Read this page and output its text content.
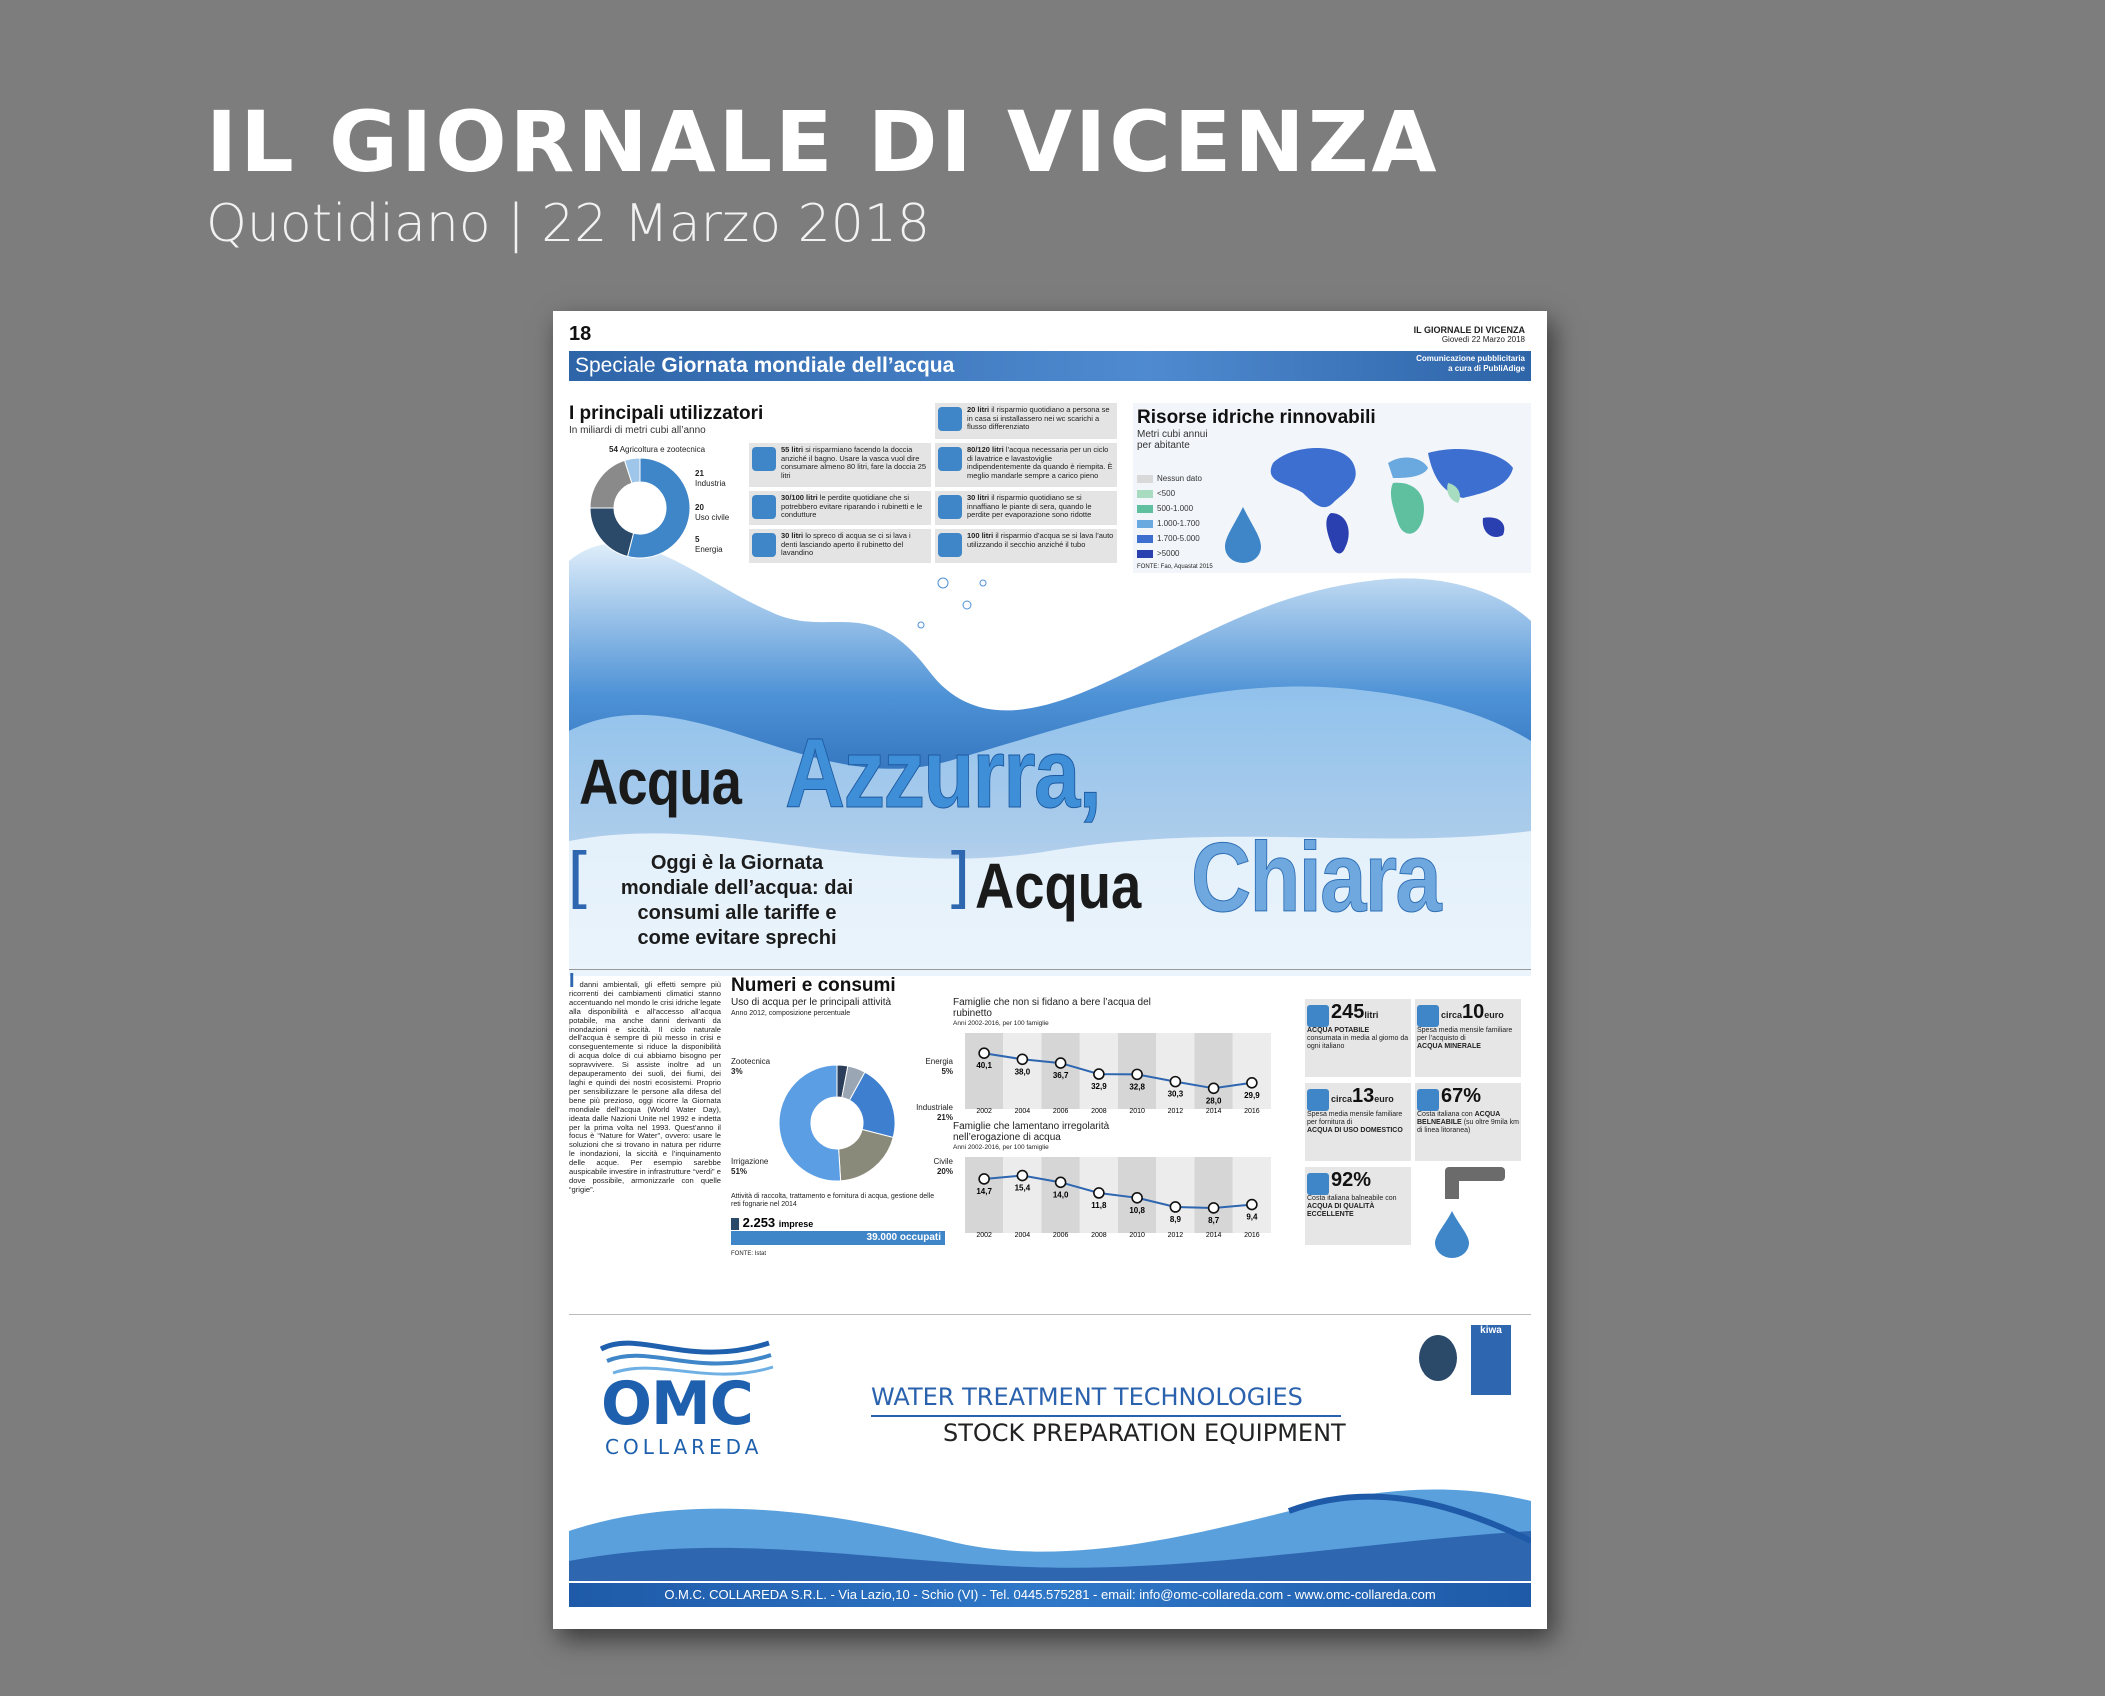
IL GIORNALE DI VICENZA
Quotidiano | 22 Marzo 2018
18	IL GIORNALE DI VICENZA
Giovedì 22 Marzo 2018
Speciale Giornata mondiale dell’acqua	Comunicazione pubblicitaria
a cura di PubliAdige
I principali utilizzatori
In miliardi di metri cubi all’anno
54 Agricoltura e zootecnica
21
Industria
20
Uso civile
5
Energia
55 litri si risparmiano facendo la doccia anziché il bagno. Usare la vasca vuol dire consumare almeno 80 litri, fare la doccia 25 litri
30/100 litri le perdite quotidiane che si potrebbero evitare riparando i rubinetti e le condutture
30 litri lo spreco di acqua se ci si lava i denti lasciando aperto il rubinetto del lavandino
20 litri il risparmio quotidiano a persona se in casa si installassero nei wc scarichi a flusso differenziato
80/120 litri l’acqua necessaria per un ciclo di lavatrice e lavastoviglie indipendentemente da quando è riempita. È meglio mandarle sempre a carico pieno
30 litri il risparmio quotidiano se si innaffiano le piante di sera, quando le perdite per evaporazione sono ridotte
100 litri il risparmio d’acqua se si lava l’auto utilizzando il secchio anziché il tubo
Risorse idriche rinnovabili
Metri cubi annui
per abitante
Nessun dato
<500
500-1.000
1.000-1.700
1.700-5.000
>5000
FONTE: Fao, Aquastat 2015
Acqua Azzurra,
[	Oggi è la Giornata mondiale dell’acqua: dai consumi alle tariffe e come evitare sprechi
] Acqua Chiara
I danni ambientali, gli effetti sempre più ricorrenti dei cambiamenti climatici stanno accentuando nel mondo le crisi idriche legate alla disponibilità e all’accesso all’acqua potabile, ma anche danni derivanti da inondazioni e siccità. Il ciclo naturale dell’acqua è sempre di più messo in crisi e conseguentemente si riduce la disponibilità di acqua dolce di cui abbiamo bisogno per sopravvivere. Si assiste inoltre ad un depauperamento dei suoli, dei fiumi, dei laghi e quindi dei nostri ecosistemi. Proprio per sensibilizzare le persone alla difesa del bene più prezioso, oggi ricorre la Giornata mondiale dell’acqua (World Water Day), ideata dalle Nazioni Unite nel 1992 e indetta per la prima volta nel 1993. Quest’anno il focus è “Nature for Water”, ovvero: usare le soluzioni che si trovano in natura per ridurre le inondazioni, la siccità e l’inquinamento delle acque. Per esempio sarebbe auspicabile investire in infrastrutture “verdi” e dove possibile, armonizzarle con quelle “grigie”.
Numeri e consumi
Uso di acqua per le principali attività
Anno 2012, composizione percentuale
Zootecnica
3%
Energia
5%
Industriale
21%
Civile
20%
Irrigazione
51%
Attività di raccolta, trattamento e fornitura di acqua, gestione delle reti fognarie nel 2014
2.253 imprese
39.000 occupati
FONTE: Istat
Famiglie che non si fidano a bere l’acqua del rubinetto
Anni 2002-2016, per 100 famiglie
40,1
2002
38,0
2004
36,7
2006
32,9
2008
32,8
2010
30,3
2012
28,0
2014
29,9
2016
Famiglie che lamentano irregolarità nell’erogazione di acqua
Anni 2002-2016, per 100 famiglie
14,7
2002
15,4
2004
14,0
2006
11,8
2008
10,8
2010
8,9
2012
8,7
2014
9,4
2016
245litri
ACQUA POTABILE
consumata in media al giorno da ogni italiano
circa10euro
Spesa media mensile familiare per l’acquisto di
ACQUA MINERALE
circa13euro
Spesa media mensile familiare per fornitura di
ACQUA DI USO DOMESTICO
67%
Costa italiana con ACQUA BELNEABILE (su oltre 9mila km di linea litoranea)
92%
Costa italiana balneabile con
ACQUA DI QUALITÀ ECCELLENTE
OMC
COLLAREDA
WATER TREATMENT TECHNOLOGIES
STOCK PREPARATION EQUIPMENT
kiwa
O.M.C. COLLAREDA S.R.L. - Via Lazio,10 - Schio (VI) - Tel. 0445.575281 - email: info@omc-collareda.com - www.omc-collareda.com
